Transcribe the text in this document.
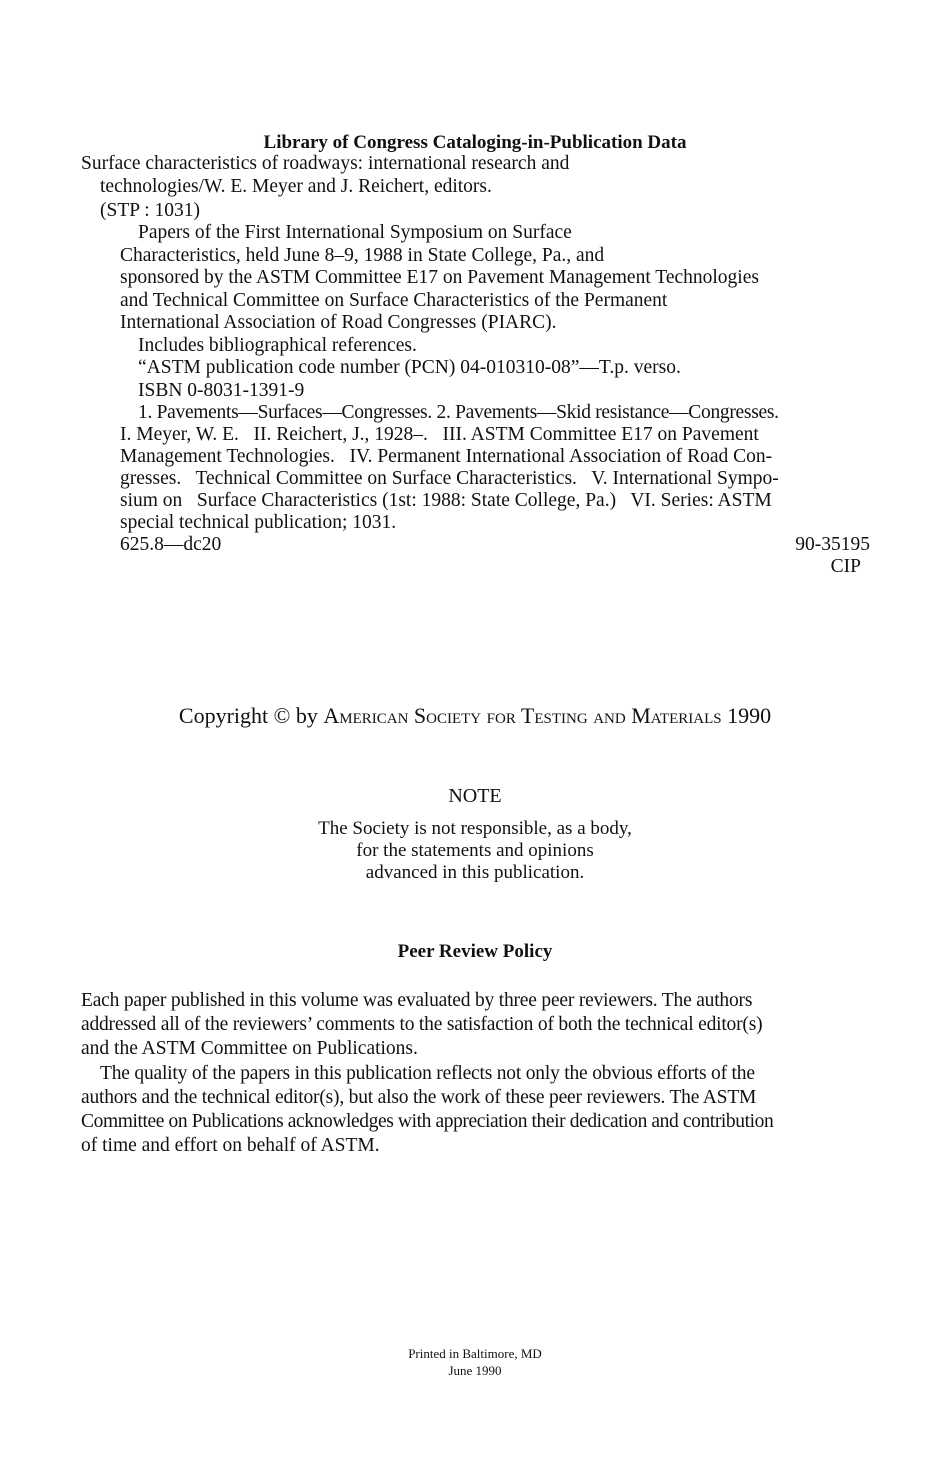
Library of Congress Cataloging-in-Publication Data
Surface characteristics of roadways: international research and
technologies/W. E. Meyer and J. Reichert, editors.
(STP : 1031)
Papers of the First International Symposium on Surface
Characteristics, held June 8–9, 1988 in State College, Pa., and
sponsored by the ASTM Committee E17 on Pavement Management Technologies
and Technical Committee on Surface Characteristics of the Permanent
International Association of Road Congresses (PIARC).
Includes bibliographical references.
“ASTM publication code number (PCN) 04-010310-08”—T.p. verso.
ISBN 0-8031-1391-9
1. Pavements—Surfaces—Congresses. 2. Pavements—Skid resistance—Congresses.
I. Meyer, W. E.   II. Reichert, J., 1928–.   III. ASTM Committee E17 on Pavement
Management Technologies.   IV. Permanent International Association of Road Con-
gresses.   Technical Committee on Surface Characteristics.   V. International Sympo-
sium on   Surface Characteristics (1st: 1988: State College, Pa.)   VI. Series: ASTM
special technical publication; 1031.
625.8—dc20	90-35195
CIP
Copyright © by American Society for Testing and Materials 1990
NOTE
The Society is not responsible, as a body,
for the statements and opinions
advanced in this publication.
Peer Review Policy
Each paper published in this volume was evaluated by three peer reviewers. The authors
addressed all of the reviewers’ comments to the satisfaction of both the technical editor(s)
and the ASTM Committee on Publications.
The quality of the papers in this publication reflects not only the obvious efforts of the
authors and the technical editor(s), but also the work of these peer reviewers. The ASTM
Committee on Publications acknowledges with appreciation their dedication and contribution
of time and effort on behalf of ASTM.
Printed in Baltimore, MD
June 1990
